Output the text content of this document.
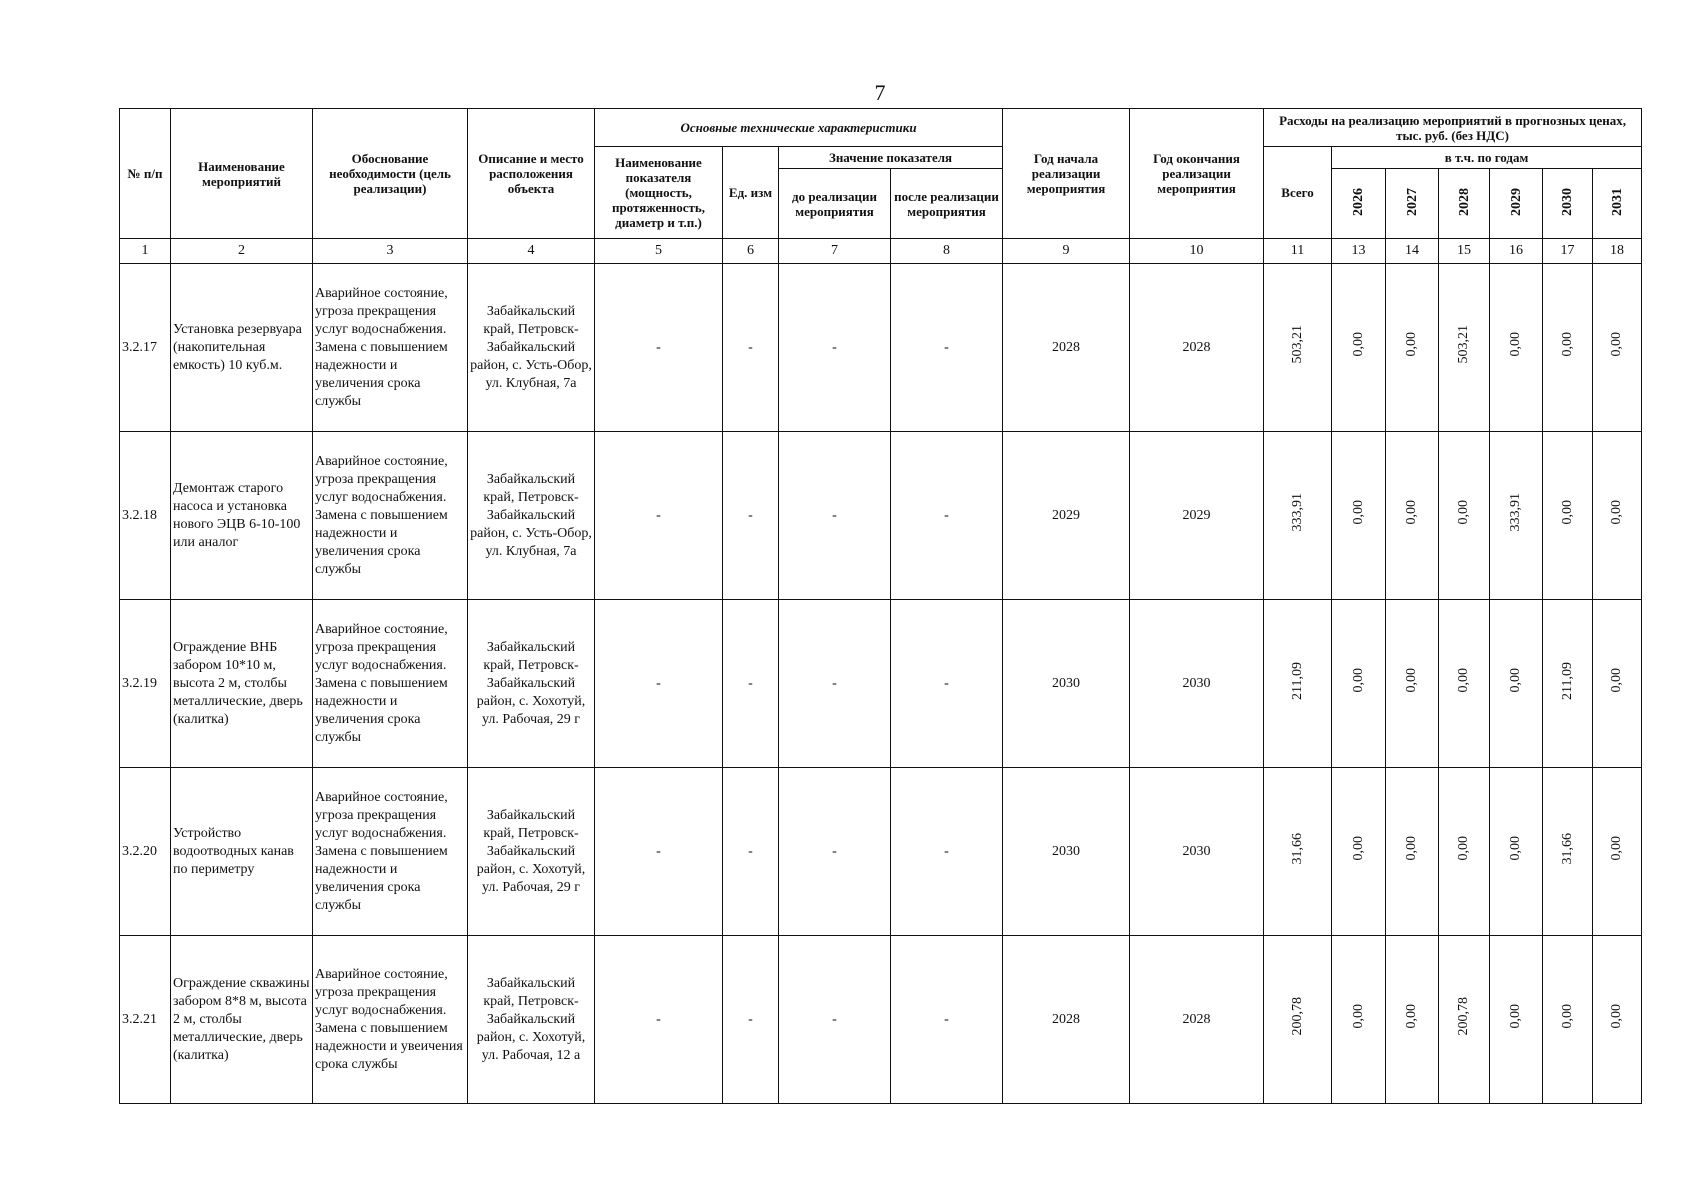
7
№ п/п	Наименование мероприятий	Обоснование необходимости (цель реализации)	Описание и место расположения объекта	Основные технические характеристики				Год начала реализации мероприятия	Год окончания реализации мероприятия	Расходы на реализацию мероприятий в прогнозных ценах, тыс. руб. (без НДС)						
				Наименование показателя (мощность, протяженность, диаметр и т.п.)	Ед. изм	Значение показателя				Всего	в т.ч. по годам					
						до реализации мероприятия	после реализации мероприятия				2026	2027	2028	2029	2030	2031
1	2	3	4	5	6	7	8	9	10	11	13	14	15	16	17	18
3.2.17	Установка резервуара (накопительная емкость) 10 куб.м.	Аварийное состояние, угроза прекращения услуг водоснабжения. Замена с повышением надежности и увеличения срока службы	Забайкальский край, Петровск-Забайкальский район, с. Усть-Обор, ул. Клубная, 7а	-	-	-	-	2028	2028	503,21	0,00	0,00	503,21	0,00	0,00	0,00
3.2.18	Демонтаж старого насоса и установка нового ЭЦВ 6-10-100 или аналог	Аварийное состояние, угроза прекращения услуг водоснабжения. Замена с повышением надежности и увеличения срока службы	Забайкальский край, Петровск-Забайкальский район, с. Усть-Обор, ул. Клубная, 7а	-	-	-	-	2029	2029	333,91	0,00	0,00	0,00	333,91	0,00	0,00
3.2.19	Ограждение ВНБ забором 10*10 м, высота 2 м, столбы металлические, дверь (калитка)	Аварийное состояние, угроза прекращения услуг водоснабжения. Замена с повышением надежности и увеличения срока службы	Забайкальский край, Петровск-Забайкальский район, с. Хохотуй, ул. Рабочая, 29 г	-	-	-	-	2030	2030	211,09	0,00	0,00	0,00	0,00	211,09	0,00
3.2.20	Устройство водоотводных канав по периметру	Аварийное состояние, угроза прекращения услуг водоснабжения. Замена с повышением надежности и увеличения срока службы	Забайкальский край, Петровск-Забайкальский район, с. Хохотуй, ул. Рабочая, 29 г	-	-	-	-	2030	2030	31,66	0,00	0,00	0,00	0,00	31,66	0,00
3.2.21	Ограждение скважины забором 8*8 м, высота 2 м, столбы металлические, дверь (калитка)	Аварийное состояние, угроза прекращения услуг водоснабжения. Замена с повышением надежности и увеичения срока службы	Забайкальский край, Петровск-Забайкальский район, с. Хохотуй, ул. Рабочая, 12 а	-	-	-	-	2028	2028	200,78	0,00	0,00	200,78	0,00	0,00	0,00
